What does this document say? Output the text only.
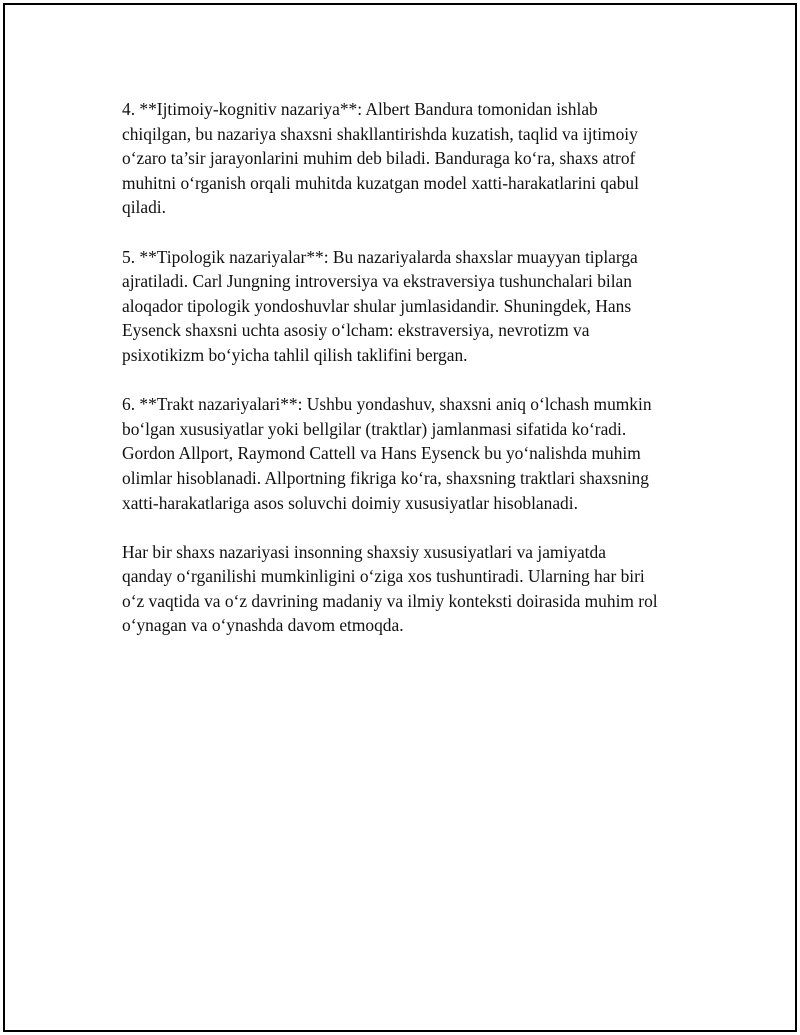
4. **Ijtimoiy-kognitiv nazariya**: Albert Bandura tomonidan ishlab
chiqilgan, bu nazariya shaxsni shakllantirishda kuzatish, taqlid va ijtimoiy
o‘zaro ta’sir jarayonlarini muhim deb biladi. Banduraga ko‘ra, shaxs atrof
muhitni o‘rganish orqali muhitda kuzatgan model xatti-harakatlarini qabul
qiladi.

5. **Tipologik nazariyalar**: Bu nazariyalarda shaxslar muayyan tiplarga
ajratiladi. Carl Jungning introversiya va ekstraversiya tushunchalari bilan
aloqador tipologik yondoshuvlar shular jumlasidandir. Shuningdek, Hans
Eysenck shaxsni uchta asosiy o‘lcham: ekstraversiya, nevrotizm va
psixotikizm bo‘yicha tahlil qilish taklifini bergan.

6. **Trakt nazariyalari**: Ushbu yondashuv, shaxsni aniq o‘lchash mumkin
bo‘lgan xususiyatlar yoki bellgilar (traktlar) jamlanmasi sifatida ko‘radi.
Gordon Allport, Raymond Cattell va Hans Eysenck bu yo‘nalishda muhim
olimlar hisoblanadi. Allportning fikriga ko‘ra, shaxsning traktlari shaxsning
xatti-harakatlariga asos soluvchi doimiy xususiyatlar hisoblanadi.

Har bir shaxs nazariyasi insonning shaxsiy xususiyatlari va jamiyatda
qanday o‘rganilishi mumkinligini o‘ziga xos tushuntiradi. Ularning har biri
o‘z vaqtida va o‘z davrining madaniy va ilmiy konteksti doirasida muhim rol
o‘ynagan va o‘ynashda davom etmoqda.
